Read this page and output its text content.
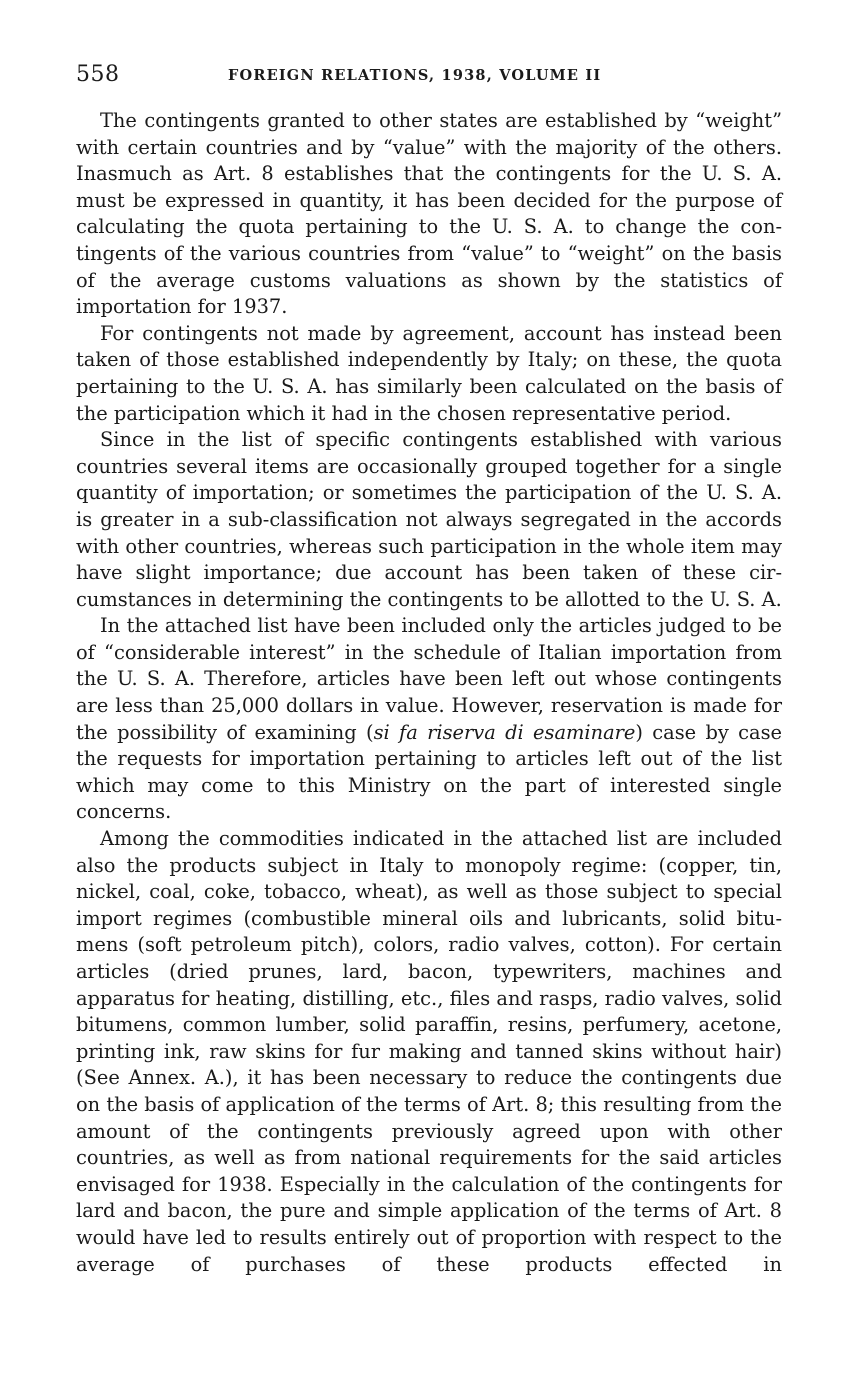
558	FOREIGN RELATIONS, 1938, VOLUME II

The contingents granted to other states are established by “weight” with certain countries and by “value” with the majority of the others. Inasmuch as Art. 8 establishes that the contingents for the U. S. A. must be expressed in quantity, it has been decided for the purpose of calculating the quota pertaining to the U. S. A. to change the contingents of the various countries from “value” to “weight” on the basis of the average customs valuations as shown by the statistics of importation for 1937.

For contingents not made by agreement, account has instead been taken of those established independently by Italy; on these, the quota pertaining to the U. S. A. has similarly been calculated on the basis of the participation which it had in the chosen representative period.

Since in the list of specific contingents established with various countries several items are occasionally grouped together for a single quantity of importation; or sometimes the participation of the U. S. A. is greater in a sub-classification not always segregated in the accords with other countries, whereas such participation in the whole item may have slight importance; due account has been taken of these circumstances in determining the contingents to be allotted to the U. S. A.

In the attached list have been included only the articles judged to be of “considerable interest” in the schedule of Italian importation from the U. S. A. Therefore, articles have been left out whose contingents are less than 25,000 dollars in value. However, reservation is made for the possibility of examining (si fa riserva di esaminare) case by case the requests for importation pertaining to articles left out of the list which may come to this Ministry on the part of interested single concerns.

Among the commodities indicated in the attached list are included also the products subject in Italy to monopoly regime: (copper, tin, nickel, coal, coke, tobacco, wheat), as well as those subject to special import regimes (combustible mineral oils and lubricants, solid bitumens (soft petroleum pitch), colors, radio valves, cotton). For certain articles (dried prunes, lard, bacon, typewriters, machines and apparatus for heating, distilling, etc., files and rasps, radio valves, solid bitumens, common lumber, solid paraffin, resins, perfumery, acetone, printing ink, raw skins for fur making and tanned skins without hair) (See Annex. A.), it has been necessary to reduce the contingents due on the basis of application of the terms of Art. 8; this resulting from the amount of the contingents previously agreed upon with other countries, as well as from national requirements for the said articles envisaged for 1938. Especially in the calculation of the contingents for lard and bacon, the pure and simple application of the terms of Art. 8 would have led to results entirely out of proportion with respect to the average of purchases of these products effected in
